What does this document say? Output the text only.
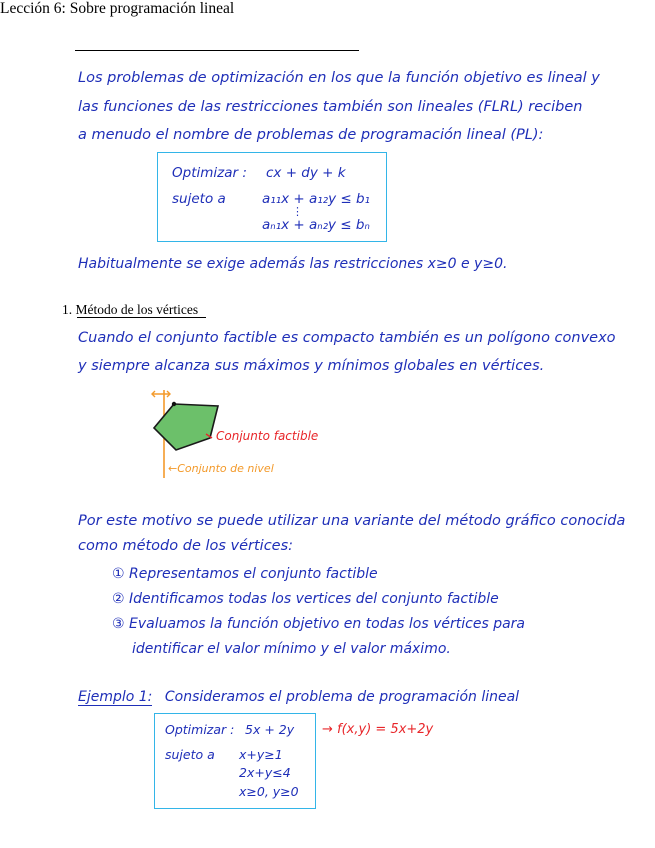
Lección 6: Sobre programación lineal
Los problemas de optimización en los que la función objetivo es lineal y
las funciones de las restricciones también son lineales (FLRL) reciben
a menudo el nombre de problemas de programación lineal (PL):
Optimizar : cx + dy + k
sujeto a	a₁₁x + a₁₂y ≤ b₁
⋮
aₙ₁x + aₙ₂y ≤ bₙ
Habitualmente se exige además las restricciones x≥0 e y≥0.
1. Método de los vértices
Cuando el conjunto factible es compacto también es un polígono convexo
y siempre alcanza sus máximos y mínimos globales en vértices.
Conjunto factible
←Conjunto de nivel
Por este motivo se puede utilizar una variante del método gráfico conocida
como método de los vértices:
① Representamos el conjunto factible
② Identificamos todas los vertices del conjunto factible
③ Evaluamos la función objetivo en todas los vértices para
identificar el valor mínimo y el valor máximo.
Ejemplo 1: Consideramos el problema de programación lineal
Optimizar : 5x + 2y
sujeto a x+y≥1
2x+y≤4
x≥0, y≥0
→ f(x,y) = 5x+2y
